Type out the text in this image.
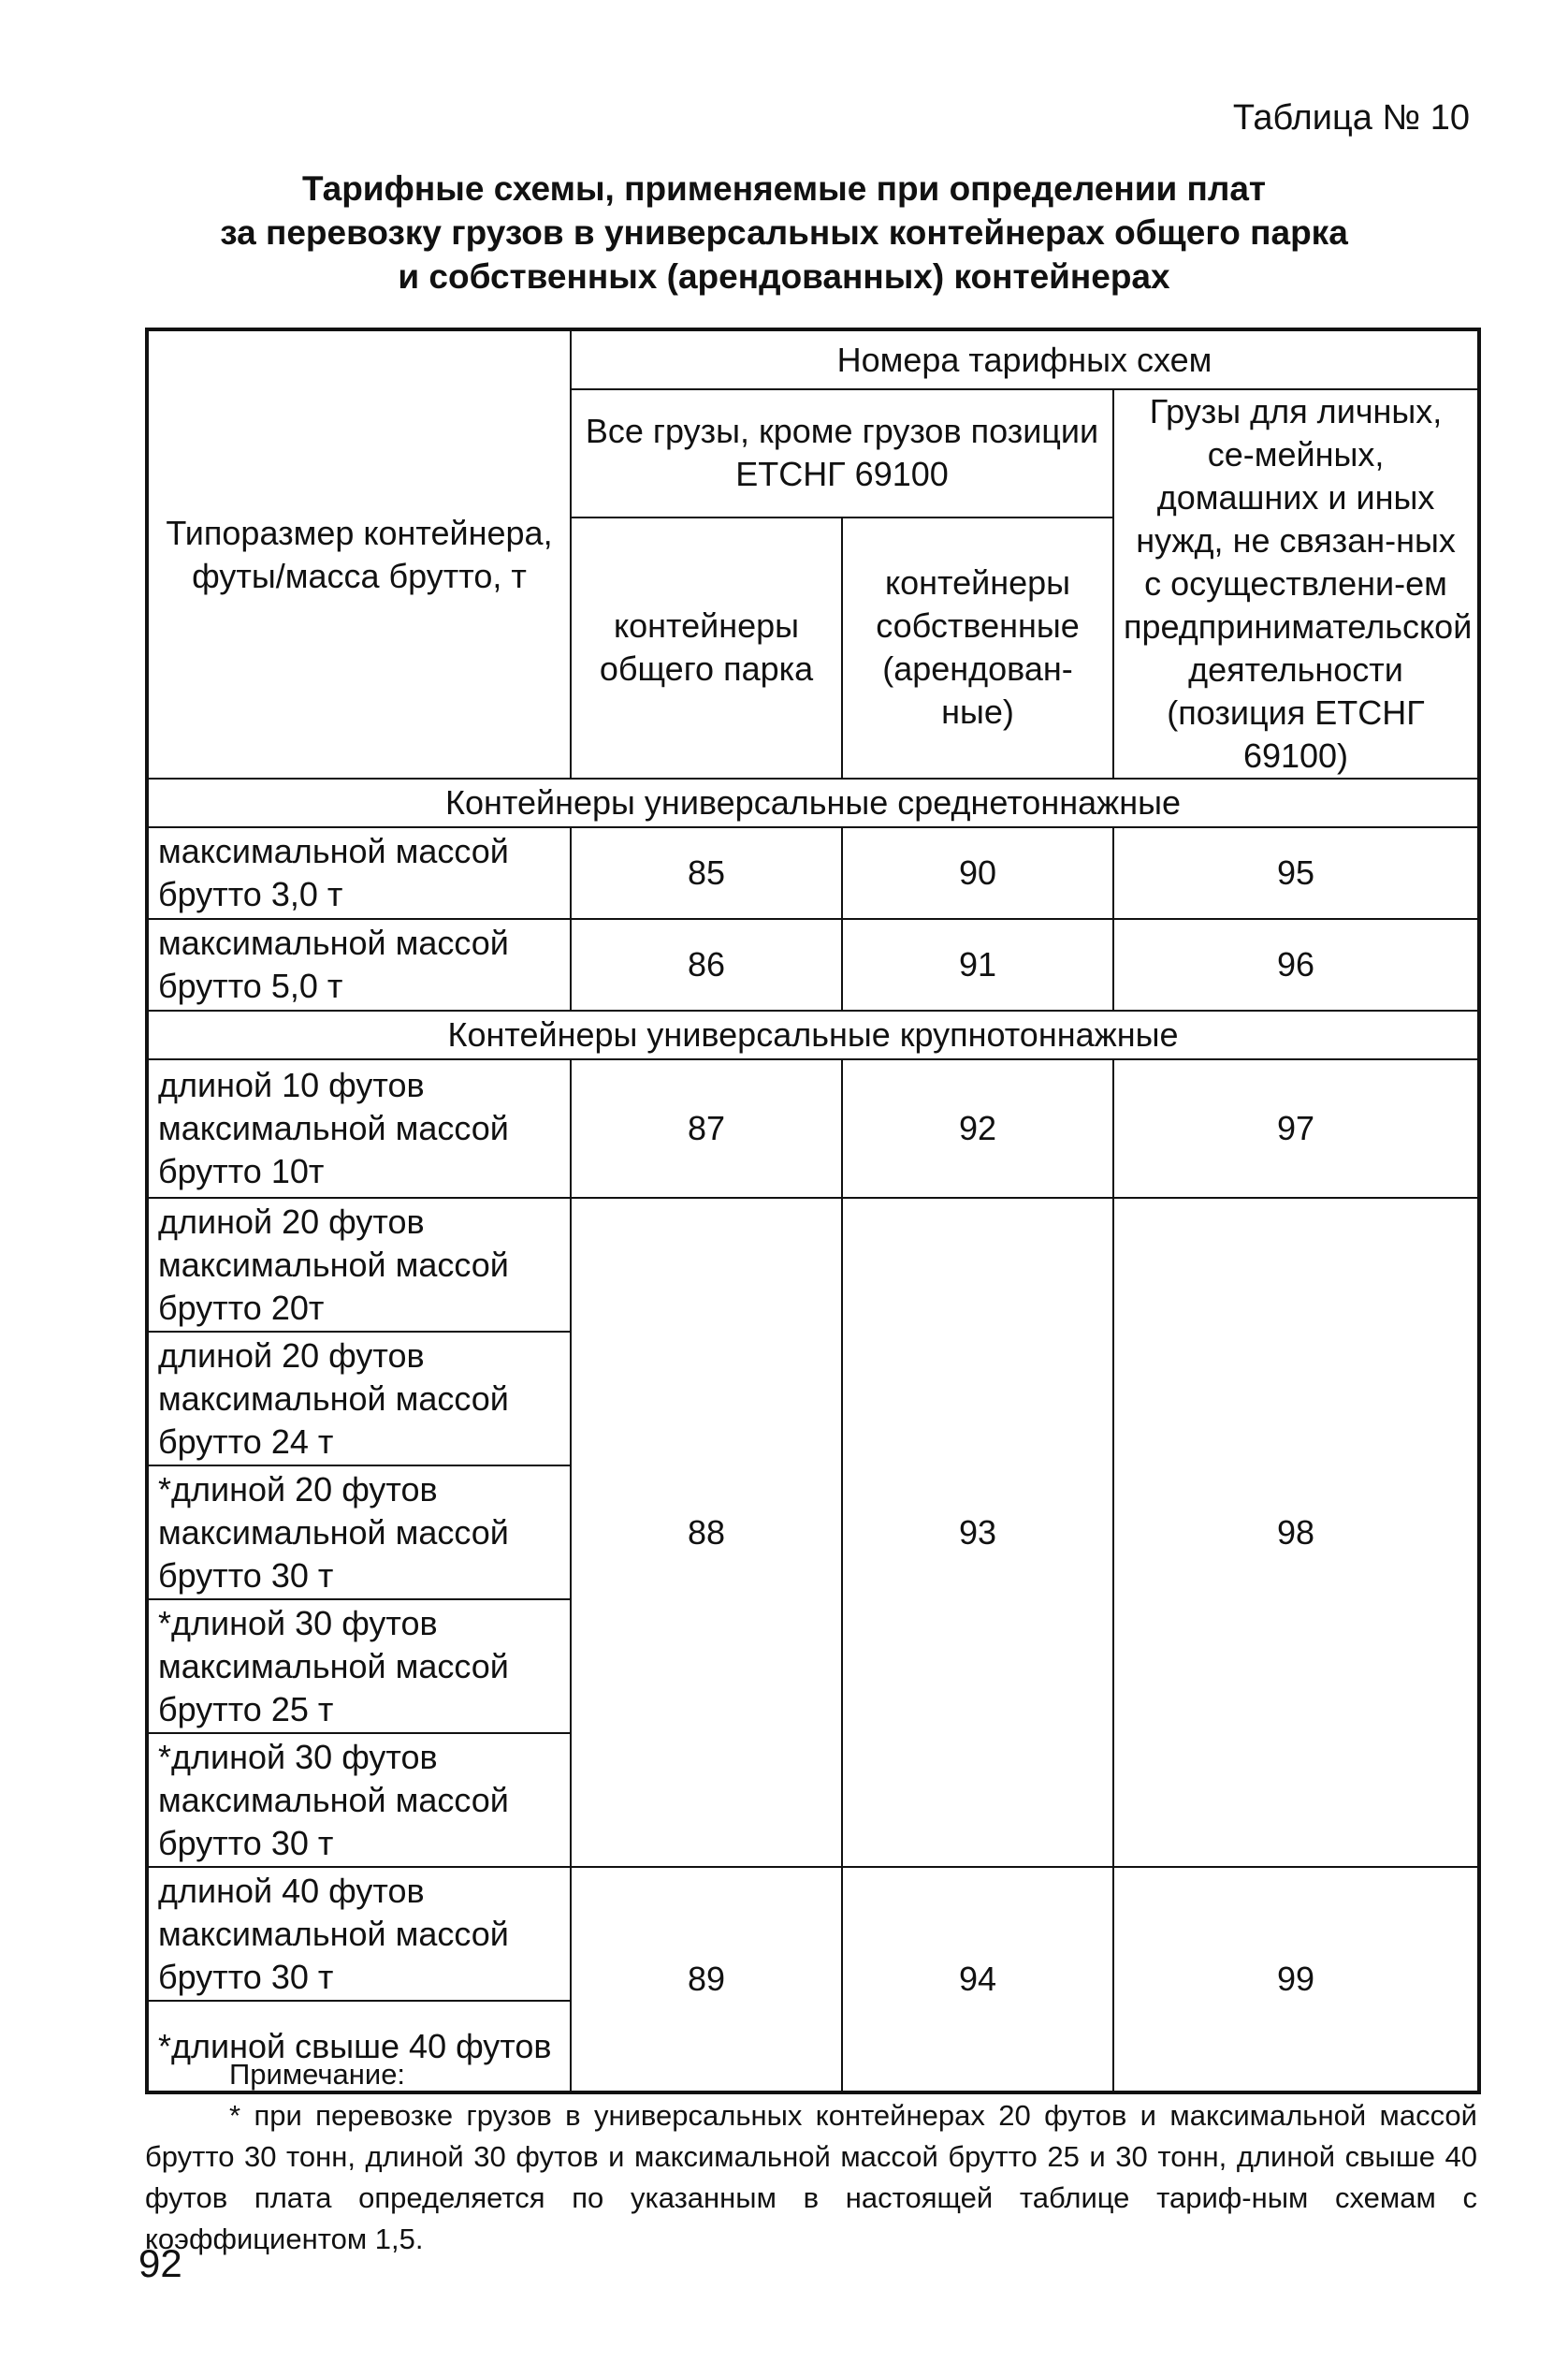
Таблица № 10
Тарифные схемы, применяемые при определении плат
за перевозку грузов в универсальных контейнерах общего парка
и собственных (арендованных) контейнерах
Типоразмер контейнера, футы/масса брутто, т	Номера тарифных схем		
	Все грузы, кроме грузов позиции ЕТСНГ 69100		Грузы для личных, се-мейных, домашних и иных нужд, не связан-ных с осуществлени-ем предпринимательской деятельности (позиция ЕТСНГ 69100)
	контейнеры общего парка	контейнеры собственные (арендован-ные)	
Контейнеры универсальные среднетоннажные			
максимальной массой брутто 3,0 т	85	90	95
максимальной массой брутто 5,0 т	86	91	96
Контейнеры универсальные крупнотоннажные			
длиной 10 футов максимальной массой брутто 10т	87	92	97
длиной 20 футов максимальной массой брутто 20т	88	93	98
длиной 20 футов максимальной массой брутто 24 т			
*длиной 20 футов максимальной массой брутто 30 т			
*длиной 30 футов максимальной массой брутто 25 т			
*длиной 30 футов максимальной массой брутто 30 т			
длиной 40 футов максимальной массой брутто 30 т	89	94	99
*длиной свыше 40 футов			
Примечание:
* при перевозке грузов в универсальных контейнерах 20 футов и максимальной массой брутто 30 тонн, длиной 30 футов и максимальной массой брутто 25 и 30 тонн, длиной свыше 40 футов плата определяется по указанным в настоящей таблице тариф-ным схемам с коэффициентом 1,5.
92
